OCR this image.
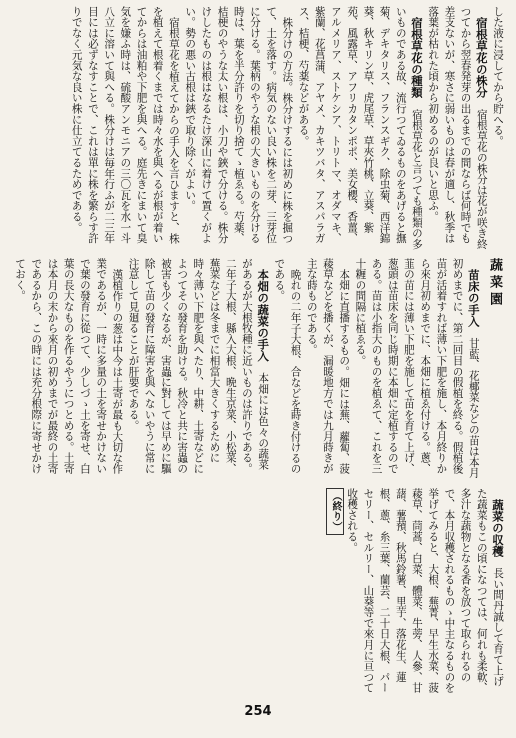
した液に浸してから貯へる。

宿根草花の株分　宿根草花の株分は花が咲き終つてから翌春発芽の出るまでの間ならば何時でも差支ないが、寒さに弱いものは春が適し、秋季は落葉が枯れた頃から初めるのが良いと思ふ。

宿根草花の種類　宿根草花と言つても種類の多いものである故、流行つてゐるものをあげると撫菊、デキタリス、フランスギク、除虫菊、西洋錦葵、秋キリン草、虎尾草、草夾竹桃、立葵、紫苑、風露草、アフリカタンポポ、美女櫻、香薑、アルメリア、ストケシア、トリトマ、オダマキ、紫蘭、花菖蒲、アヤメ、カキツバタ、アスパラガス、桔梗、芍薬などがある。

株分けの方法。株分けするには初めに株を掘つて、土を落す。病気のない良い株を二芽、三芽位に分ける。葉柄のやうな根の大きいものを分ける時は、葉を半分許りを切り捨てゝ植ゑる。芍薬、桔梗のやうな太い根は、小刀や鋏で分ける。株分けしたものは根はなるたけ深山に着けて置くがよい。勢の悪い古根は鋏で取り除くがよい。

宿根草花を植えてからの手入を言ひますと、株を植えて根着くまでは時々水を與へるが根が着いてからは油粕や下肥を與へる。庭先きにまいて臭気を嫌ふ時は、硫酸アンモニアの三〇瓦を水一斗八立に溶いて與へる。株分けは毎年行ふが二三年目には必ずなすことで、これは單に株を繁らす許りでなく元気な良い株に仕立てるためである。

蔬菜園

苗床の手入　甘藍、花椰菜などの苗は本月初めまでに、第二回目の假植を終る。假植後苗が活着すれば薄い下肥を施し、本月終りから來月初めまでに、本畑に植ゑ付ける。蔥、韮の苗には薄い下肥を施して苗を育て上げ、葱頭は苗床を同じ時期に本畑に定植するのである。苗は小指大のものを植ゑて、これを三十糎の間隔に植ゑる。

本畑に直播するもの。畑には蕪、蘿蔔、菠薐草などを播くが、漏暖地方では九月蒔きが主な蒔ものである。

晩れの二年子大根、合などを蒔き付けるのである。

本畑の蔬菜の手入　本畑には色々の蔬菜があるが大根牧種に近いものは許りである。二年子大根、縣入大根、晩生京菜、小松菜、蕪菜などは冬までに相當大きくするために時々薄い下肥を與へたり、中耕、土寄などによつてその發育を助ける。秋冷と共に害蟲の被害も少くなるが、害蟲に對しては早めに驅除して苗の發育に障害を與へないやうに常に注意して見廻ることが肝要である。

漢植作りの葱は中今は土寄が最も大切な作業であるが、一時に多量の土を寄せかけないで葉の發育に從つて、少しづゝ土を寄せ、白葉の長大なものを作るやうにつとめる。土寄は本月の末から來月の初めまでが最終の土寄であるから、この時には充分根際に寄せかけておく。

蔬菜の収穫　長い間丹誠して育て上げた蔬菜もこの頃になつては、何れも柔軟、多汁な蔬物となる香を放つて取られるので、本月収穫されるものゝ中主なるものを挙げてみると、大根、蕪菁、早生水菜、菠薐草、茼蒿、白菜、體菜、牛蒡、人參、甘藷、薯蕷、秋馬鈴薯、里芋、落花生、蓮根、蔥、糸三葉、蘭芸、二十日大根、パーセリー、セルリー、山葵等で來月に亘つて收穫される。

（終り）

254
